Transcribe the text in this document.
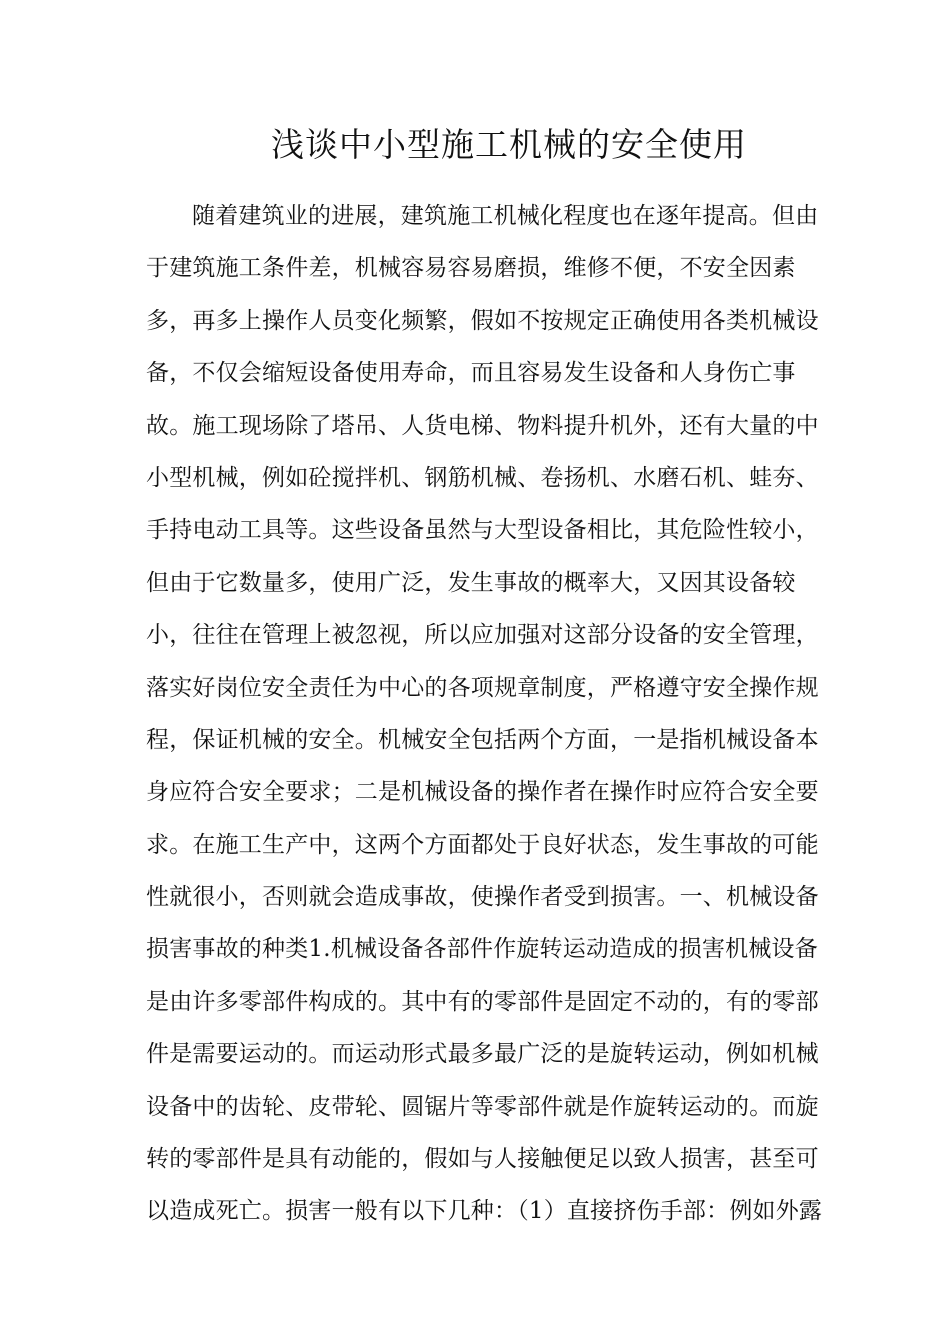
浅谈中小型施工机械的安全使用
随着建筑业的进展，建筑施工机械化程度也在逐年提高。但由
于建筑施工条件差，机械容易容易磨损，维修不便，不安全因素
多，再多上操作人员变化频繁，假如不按规定正确使用各类机械设
备，不仅会缩短设备使用寿命，而且容易发生设备和人身伤亡事
故。施工现场除了塔吊、人货电梯、物料提升机外，还有大量的中
小型机械，例如砼搅拌机、钢筋机械、卷扬机、水磨石机、蛙夯、
手持电动工具等。这些设备虽然与大型设备相比，其危险性较小，
但由于它数量多，使用广泛，发生事故的概率大，又因其设备较
小，往往在管理上被忽视，所以应加强对这部分设备的安全管理，
落实好岗位安全责任为中心的各项规章制度，严格遵守安全操作规
程，保证机械的安全。机械安全包括两个方面，一是指机械设备本
身应符合安全要求；二是机械设备的操作者在操作时应符合安全要
求。在施工生产中，这两个方面都处于良好状态，发生事故的可能
性就很小，否则就会造成事故，使操作者受到损害。一、机械设备
损害事故的种类1.机械设备各部件作旋转运动造成的损害机械设备
是由许多零部件构成的。其中有的零部件是固定不动的，有的零部
件是需要运动的。而运动形式最多最广泛的是旋转运动，例如机械
设备中的齿轮、皮带轮、圆锯片等零部件就是作旋转运动的。而旋
转的零部件是具有动能的，假如与人接触便足以致人损害，甚至可
以造成死亡。损害一般有以下几种：（1）直接挤伤手部：例如外露
